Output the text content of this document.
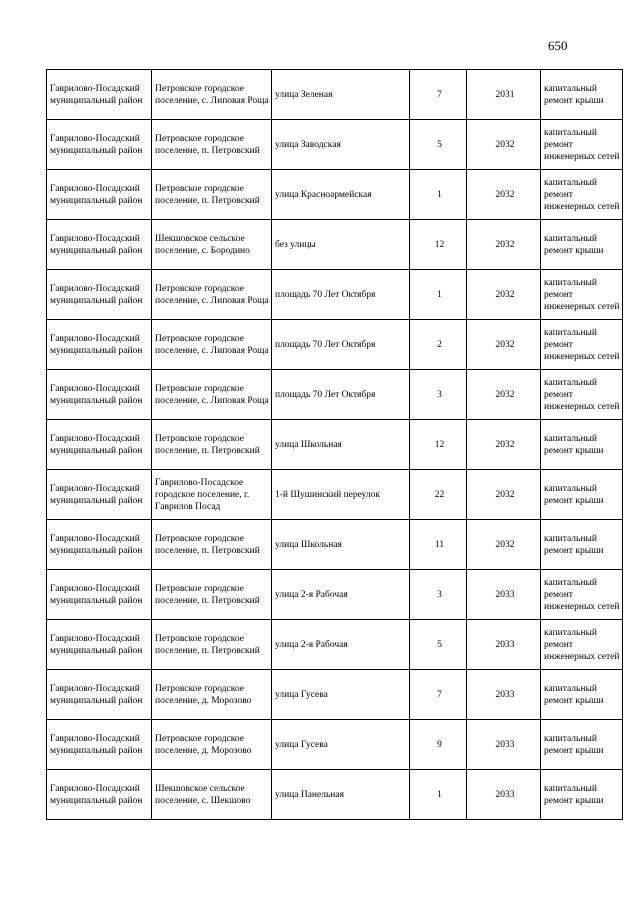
650
Гаврилово-Посадский муниципальный район	Петровское городское поселение, с. Липовая Роща	улица Зеленая	7	2031	капитальный ремонт крыши
Гаврилово-Посадский муниципальный район	Петровское городское поселение, п. Петровский	улица Заводская	5	2032	капитальный ремонт инженерных сетей
Гаврилово-Посадский муниципальный район	Петровское городское поселение, п. Петровский	улица Красноармейская	1	2032	капитальный ремонт инженерных сетей
Гаврилово-Посадский муниципальный район	Шекшовское сельское поселение, с. Бородино	без улицы	12	2032	капитальный ремонт крыши
Гаврилово-Посадский муниципальный район	Петровское городское поселение, с. Липовая Роща	площадь 70 Лет Октября	1	2032	капитальный ремонт инженерных сетей
Гаврилово-Посадский муниципальный район	Петровское городское поселение, с. Липовая Роща	площадь 70 Лет Октября	2	2032	капитальный ремонт инженерных сетей
Гаврилово-Посадский муниципальный район	Петровское городское поселение, с. Липовая Роща	площадь 70 Лет Октября	3	2032	капитальный ремонт инженерных сетей
Гаврилово-Посадский муниципальный район	Петровское городское поселение, п. Петровский	улица Школьная	12	2032	капитальный ремонт крыши
Гаврилово-Посадский муниципальный район	Гаврилово-Посадское городское поселение, г. Гаврилов Посад	1-й Шушинский переулок	22	2032	капитальный ремонт крыши
Гаврилово-Посадский муниципальный район	Петровское городское поселение, п. Петровский	улица Школьная	11	2032	капитальный ремонт крыши
Гаврилово-Посадский муниципальный район	Петровское городское поселение, п. Петровский	улица 2-я Рабочая	3	2033	капитальный ремонт инженерных сетей
Гаврилово-Посадский муниципальный район	Петровское городское поселение, п. Петровский	улица 2-я Рабочая	5	2033	капитальный ремонт инженерных сетей
Гаврилово-Посадский муниципальный район	Петровское городское поселение, д. Морозово	улица Гусева	7	2033	капитальный ремонт крыши
Гаврилово-Посадский муниципальный район	Петровское городское поселение, д. Морозово	улица Гусева	9	2033	капитальный ремонт крыши
Гаврилово-Посадский муниципальный район	Шекшовское сельское поселение, с. Шекшово	улица Панельная	1	2033	капитальный ремонт крыши
